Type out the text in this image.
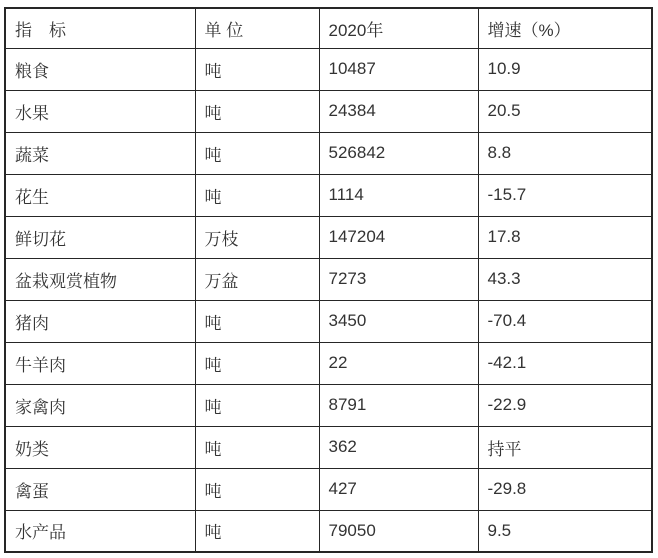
指　标	单 位	2020年	增速（%）
粮食	吨	10487	10.9
水果	吨	24384	20.5
蔬菜	吨	526842	8.8
花生	吨	1114	-15.7
鲜切花	万枝	147204	17.8
盆栽观赏植物	万盆	7273	43.3
猪肉	吨	3450	-70.4
牛羊肉	吨	22	-42.1
家禽肉	吨	8791	-22.9
奶类	吨	362	持平
禽蛋	吨	427	-29.8
水产品	吨	79050	9.5
